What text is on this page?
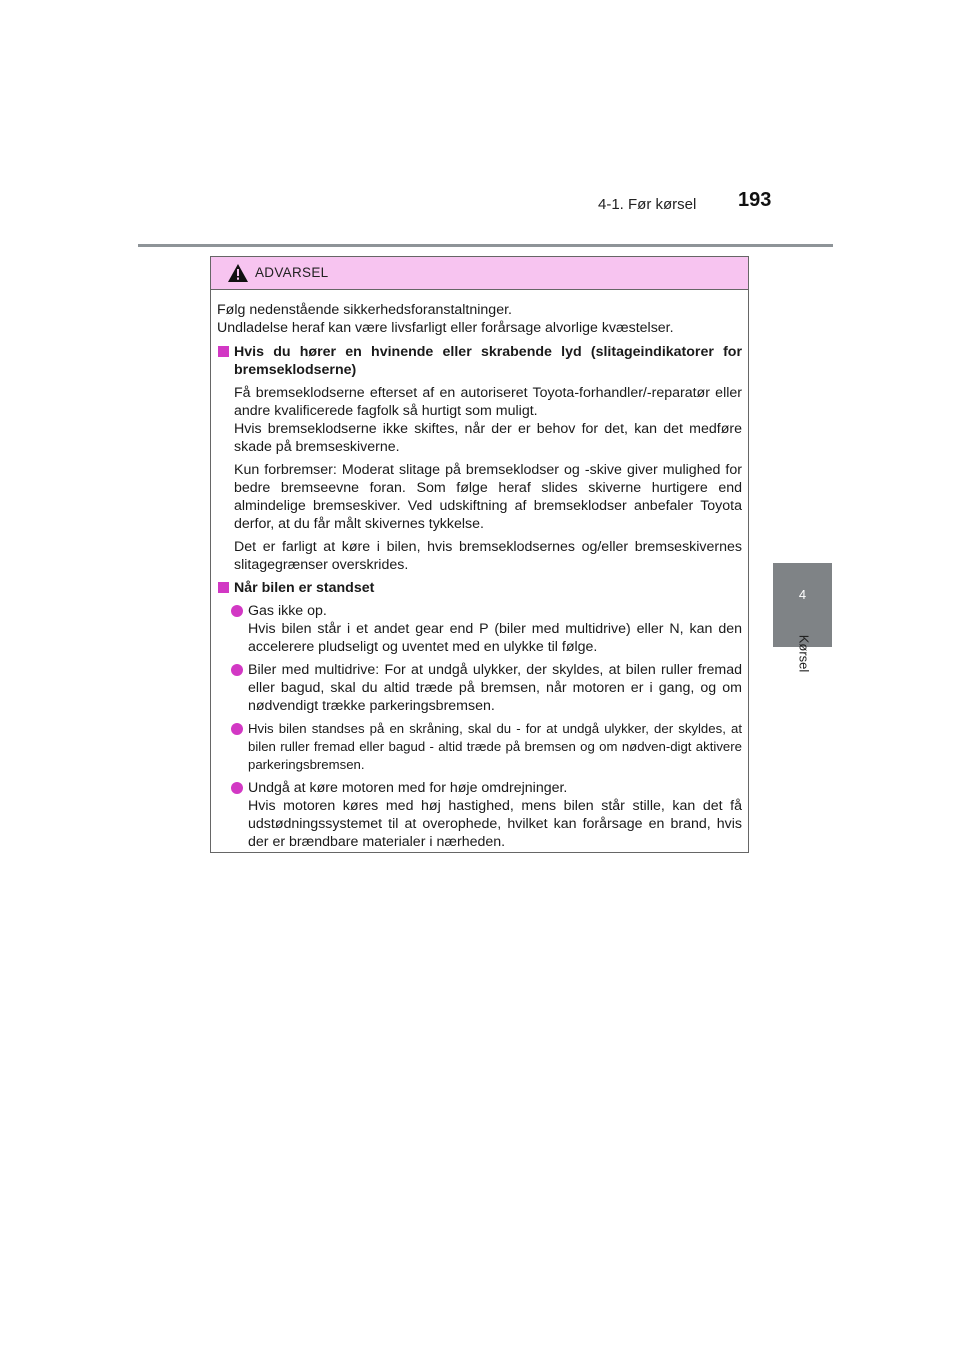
4-1. Før kørsel 193
4
Kørsel
ADVARSEL

Følg nedenstående sikkerhedsforanstaltninger.

Undladelse heraf kan være livsfarligt eller forårsage alvorlige kvæstelser.

Hvis du hører en hvinende eller skrabende lyd (slitageindikatorer for bremseklodserne)
Få bremseklodserne efterset af en autoriseret Toyota-forhandler/-reparatør eller andre kvalificerede fagfolk så hurtigt som muligt.
Hvis bremseklodserne ikke skiftes, når der er behov for det, kan det medføre skade på bremseskiverne.
Kun forbremser: Moderat slitage på bremseklodser og -skive giver mulighed for bedre bremseevne foran. Som følge heraf slides skiverne hurtigere end almindelige bremseskiver. Ved udskiftning af bremseklodser anbefaler Toyota derfor, at du får målt skivernes tykkelse.
Det er farligt at køre i bilen, hvis bremseklodsernes og/eller bremseskivernes slitagegrænser overskrides.
Når bilen er standset
Gas ikke op.
Hvis bilen står i et andet gear end P (biler med multidrive) eller N, kan den accelerere pludseligt og uventet med en ulykke til følge.
Biler med multidrive: For at undgå ulykker, der skyldes, at bilen ruller fremad eller bagud, skal du altid træde på bremsen, når motoren er i gang, og om nødvendigt trække parkeringsbremsen.
Hvis bilen standses på en skråning, skal du - for at undgå ulykker, der skyldes, at bilen ruller fremad eller bagud - altid træde på bremsen og om nødven-digt aktivere parkeringsbremsen.
Undgå at køre motoren med for høje omdrejninger.
Hvis motoren køres med høj hastighed, mens bilen står stille, kan det få udstødningssystemet til at overophede, hvilket kan forårsage en brand, hvis der er brændbare materialer i nærheden.
